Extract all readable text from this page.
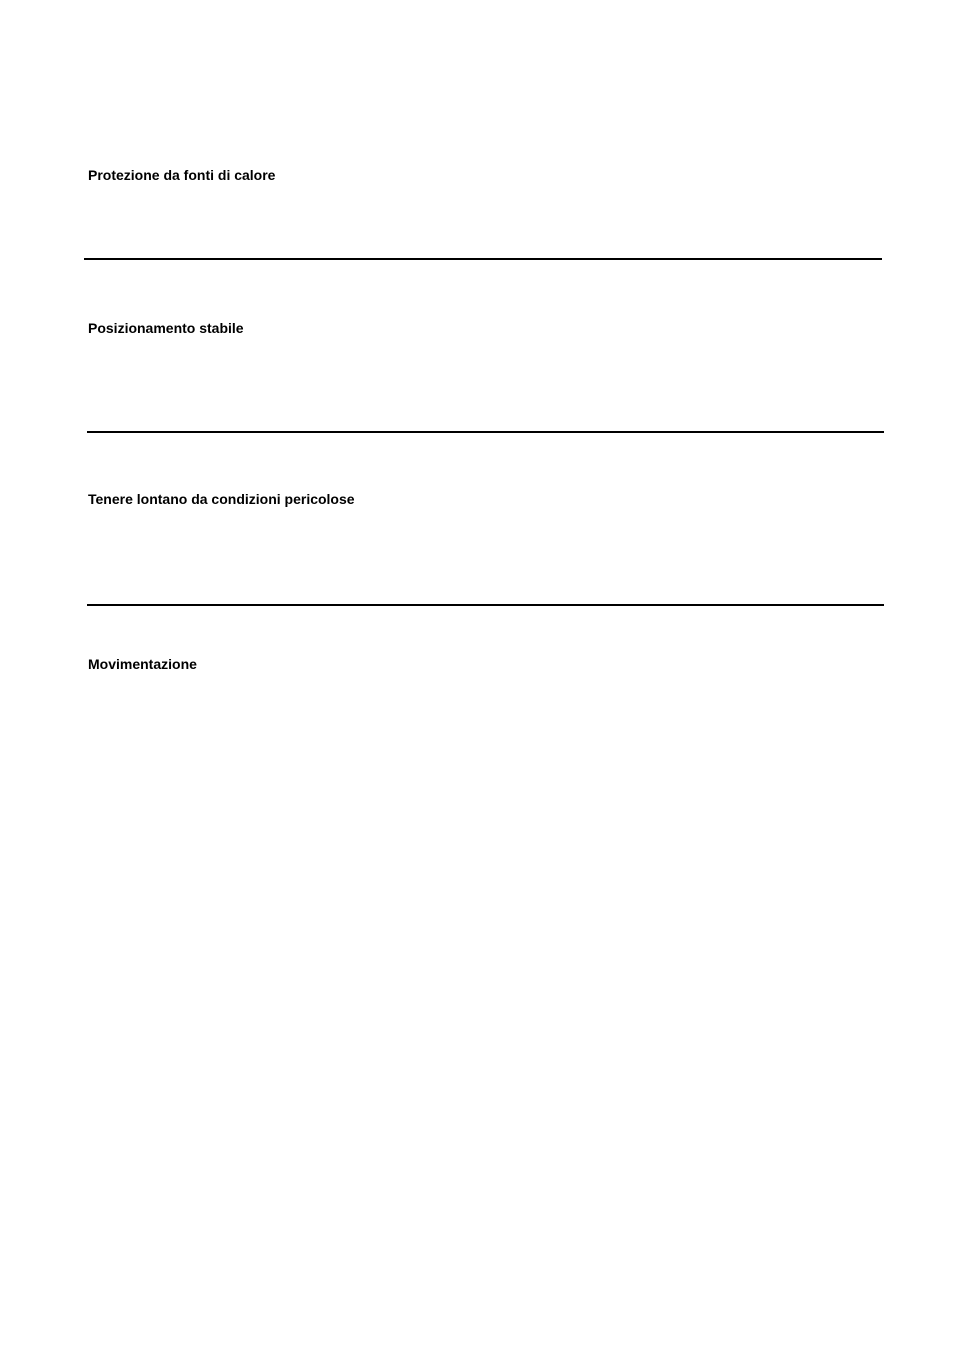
Protezione da fonti di calore
Posizionamento stabile
Tenere lontano da condizioni pericolose
Movimentazione
